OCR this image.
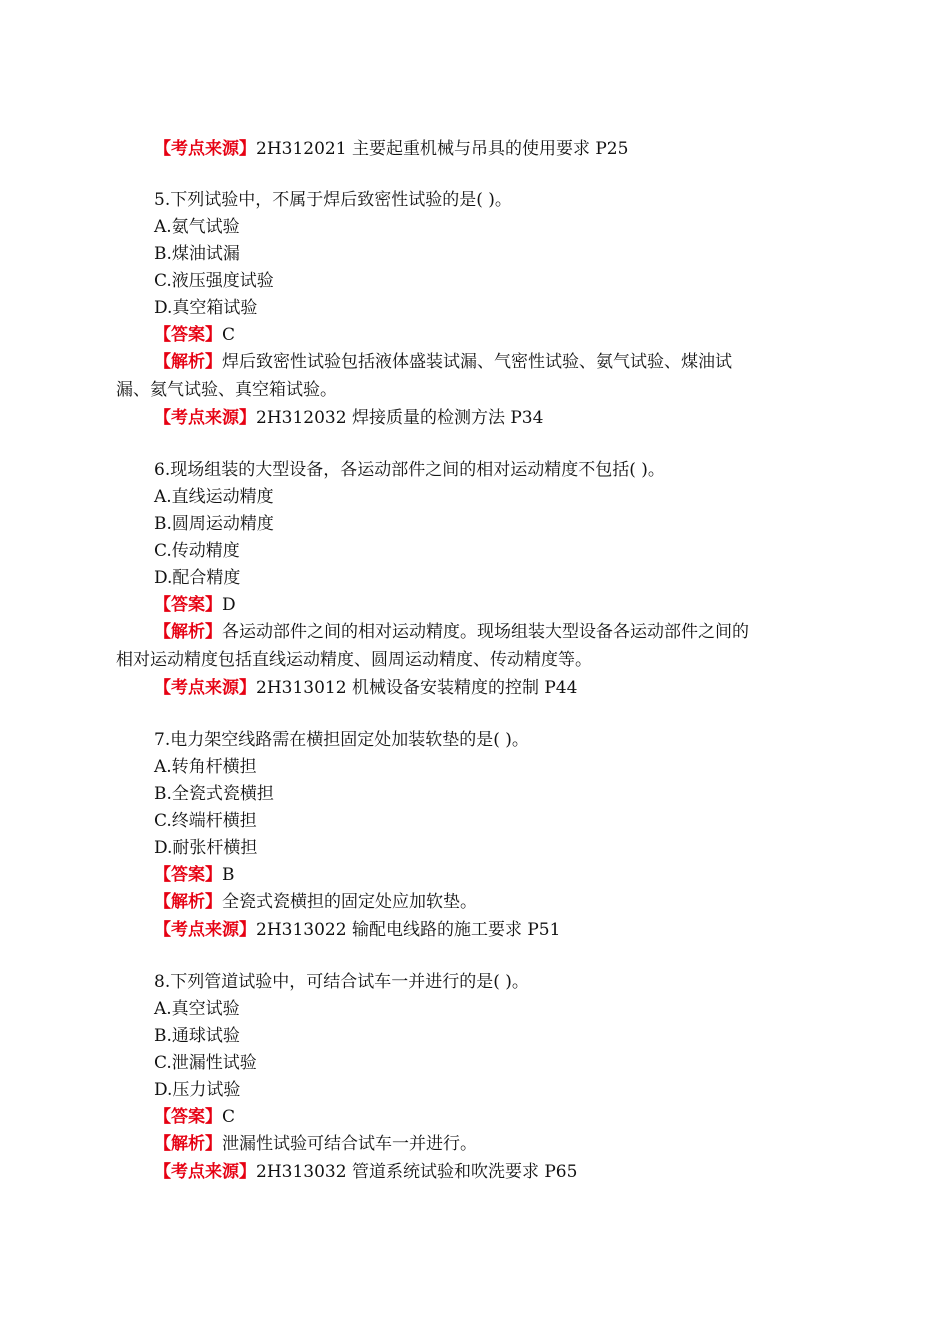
【考点来源】2H312021 主要起重机械与吊具的使用要求 P25
5.下列试验中，不属于焊后致密性试验的是( )。
A.氨气试验
B.煤油试漏
C.液压强度试验
D.真空箱试验
【答案】C
【解析】焊后致密性试验包括液体盛装试漏、气密性试验、氨气试验、煤油试
漏、氦气试验、真空箱试验。
【考点来源】2H312032 焊接质量的检测方法 P34
6.现场组装的大型设备，各运动部件之间的相对运动精度不包括( )。
A.直线运动精度
B.圆周运动精度
C.传动精度
D.配合精度
【答案】D
【解析】各运动部件之间的相对运动精度。现场组装大型设备各运动部件之间的
相对运动精度包括直线运动精度、圆周运动精度、传动精度等。
【考点来源】2H313012 机械设备安装精度的控制 P44
7.电力架空线路需在横担固定处加装软垫的是( )。
A.转角杆横担
B.全瓷式瓷横担
C.终端杆横担
D.耐张杆横担
【答案】B
【解析】全瓷式瓷横担的固定处应加软垫。
【考点来源】2H313022 输配电线路的施工要求 P51
8.下列管道试验中，可结合试车一并进行的是( )。
A.真空试验
B.通球试验
C.泄漏性试验
D.压力试验
【答案】C
【解析】泄漏性试验可结合试车一并进行。
【考点来源】2H313032 管道系统试验和吹洗要求 P65
